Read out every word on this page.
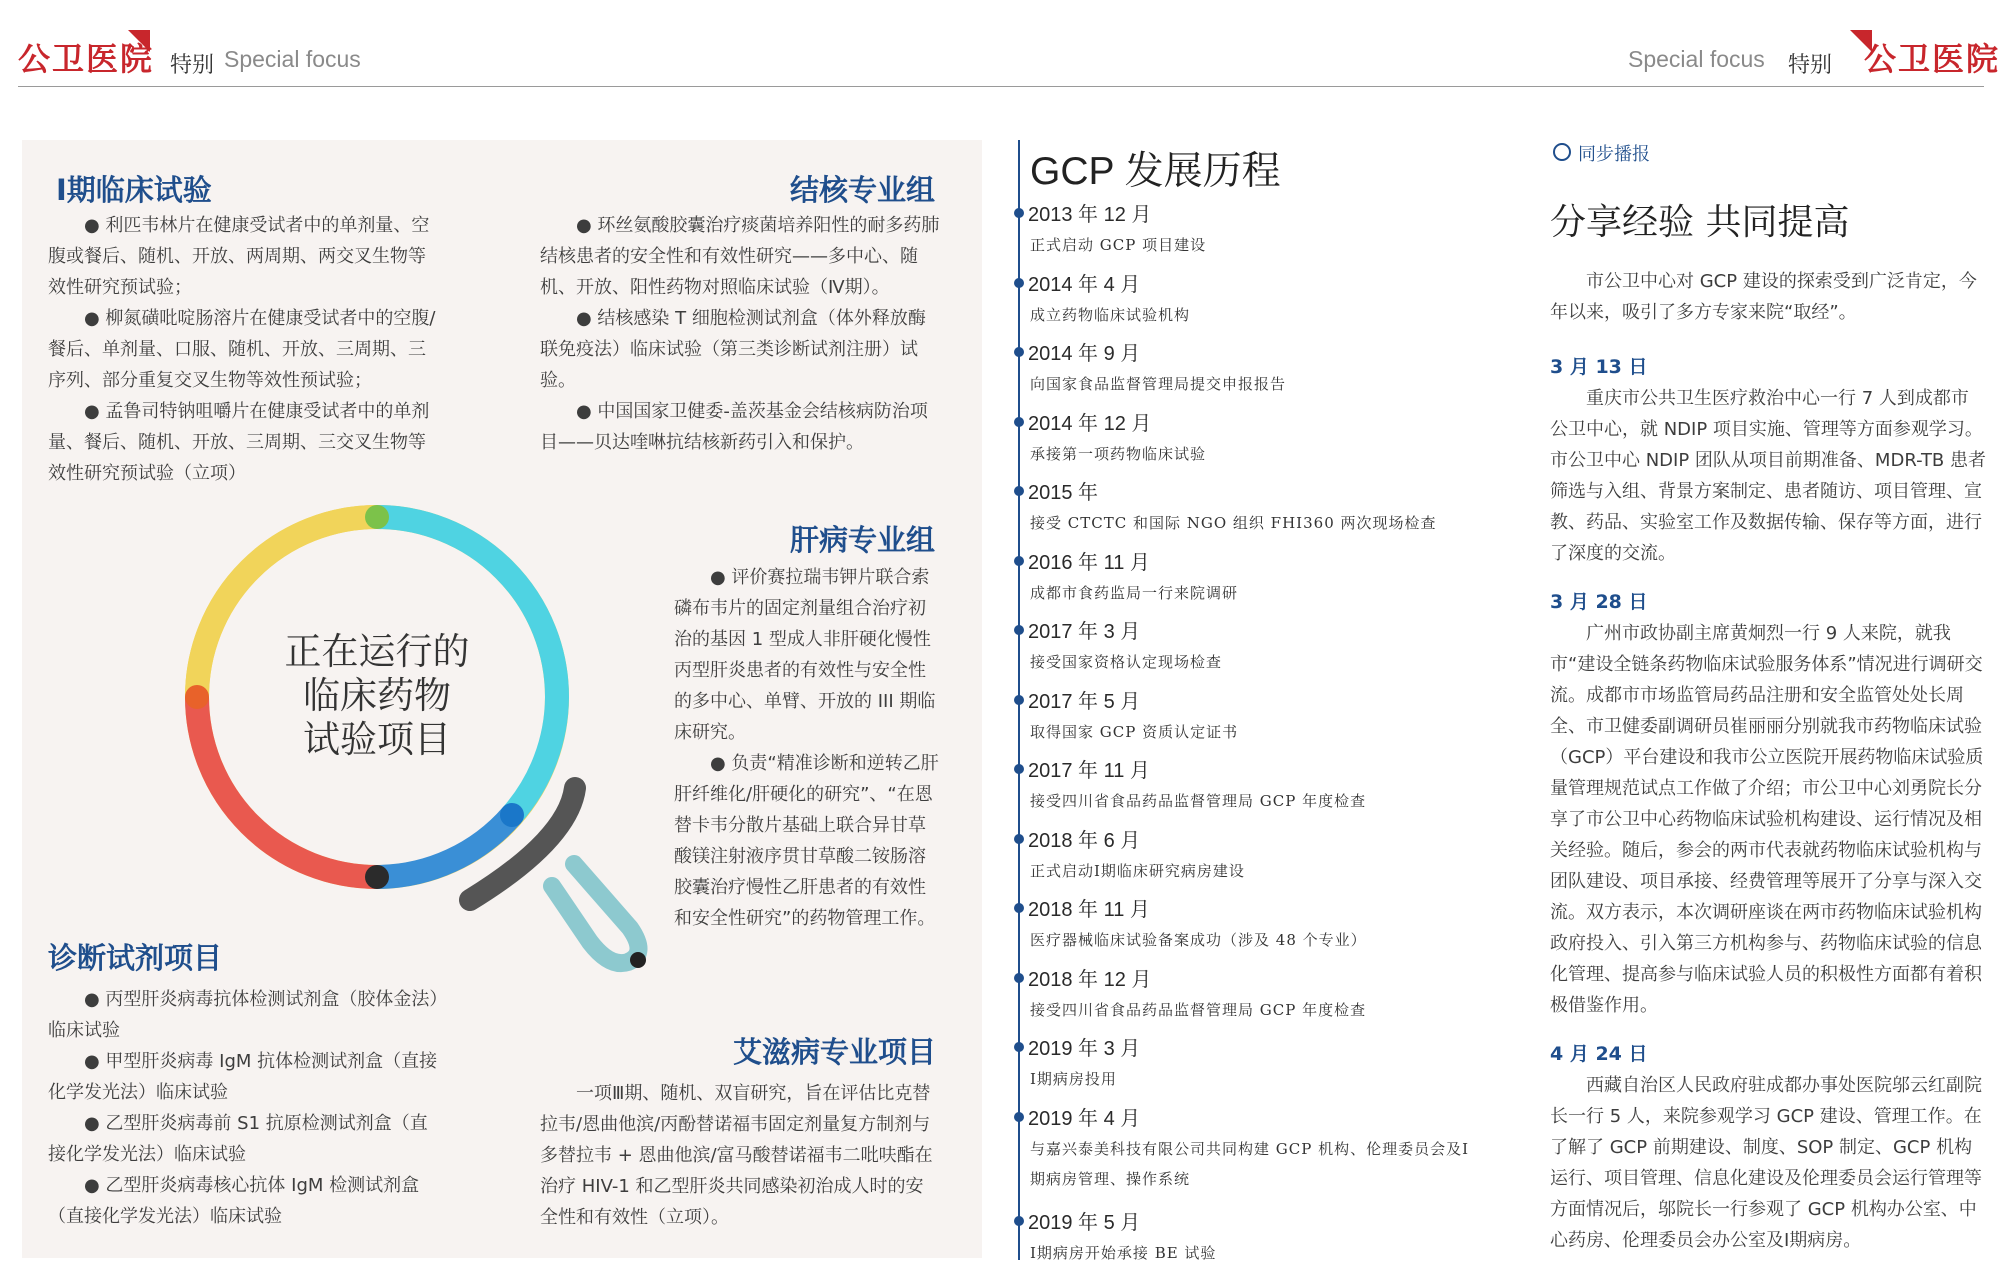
公卫医院 特别 Special focus	Special focus 特别 公卫医院
Ⅰ期临床试验

● 利匹韦林片在健康受试者中的单剂量、空腹或餐后、随机、开放、两周期、两交叉生物等效性研究预试验；

● 柳氮磺吡啶肠溶片在健康受试者中的空腹/餐后、单剂量、口服、随机、开放、三周期、三序列、部分重复交叉生物等效性预试验；

● 孟鲁司特钠咀嚼片在健康受试者中的单剂量、餐后、随机、开放、三周期、三交叉生物等效性研究预试验（立项）

结核专业组

● 环丝氨酸胶囊治疗痰菌培养阳性的耐多药肺结核患者的安全性和有效性研究——多中心、随机、开放、阳性药物对照临床试验（Ⅳ期）。

● 结核感染 T 细胞检测试剂盒（体外释放酶联免疫法）临床试验（第三类诊断试剂注册）试验。

● 中国国家卫健委-盖茨基金会结核病防治项目——贝达喹啉抗结核新药引入和保护。

正在运行的
临床药物
试验项目
肝病专业组

● 评价赛拉瑞韦钾片联合索磷布韦片的固定剂量组合治疗初治的基因 1 型成人非肝硬化慢性丙型肝炎患者的有效性与安全性的多中心、单臂、开放的 III 期临床研究。

● 负责“精准诊断和逆转乙肝肝纤维化/肝硬化的研究”、“在恩替卡韦分散片基础上联合异甘草酸镁注射液序贯甘草酸二铵肠溶胶囊治疗慢性乙肝患者的有效性和安全性研究”的药物管理工作。

诊断试剂项目

● 丙型肝炎病毒抗体检测试剂盒（胶体金法）临床试验

● 甲型肝炎病毒 IgM 抗体检测试剂盒（直接化学发光法）临床试验

● 乙型肝炎病毒前 S1 抗原检测试剂盒（直接化学发光法）临床试验

● 乙型肝炎病毒核心抗体 IgM 检测试剂盒（直接化学发光法）临床试验

艾滋病专业项目

一项Ⅲ期、随机、双盲研究，旨在评估比克替拉韦/恩曲他滨/丙酚替诺福韦固定剂量复方制剂与多替拉韦 + 恩曲他滨/富马酸替诺福韦二吡呋酯在治疗 HIV-1 和乙型肝炎共同感染初治成人时的安全性和有效性（立项）。

GCP 发展历程
2013 年 12 月
正式启动 GCP 项目建设
2014 年 4 月
成立药物临床试验机构
2014 年 9 月
向国家食品监督管理局提交申报报告
2014 年 12 月
承接第一项药物临床试验
2015 年
接受 CTCTC 和国际 NGO 组织 FHI360 两次现场检查
2016 年 11 月
成都市食药监局一行来院调研
2017 年 3 月
接受国家资格认定现场检查
2017 年 5 月
取得国家 GCP 资质认定证书
2017 年 11 月
接受四川省食品药品监督管理局 GCP 年度检查
2018 年 6 月
正式启动Ⅰ期临床研究病房建设
2018 年 11 月
医疗器械临床试验备案成功（涉及 48 个专业）
2018 年 12 月
接受四川省食品药品监督管理局 GCP 年度检查
2019 年 3 月
Ⅰ期病房投用
2019 年 4 月
与嘉兴泰美科技有限公司共同构建 GCP 机构、伦理委员会及Ⅰ期病房管理、操作系统
2019 年 5 月
Ⅰ期病房开始承接 BE 试验
同步播报
分享经验 共同提高

市公卫中心对 GCP 建设的探索受到广泛肯定，今年以来，吸引了多方专家来院“取经”。

3 月 13 日

重庆市公共卫生医疗救治中心一行 7 人到成都市公卫中心，就 NDIP 项目实施、管理等方面参观学习。市公卫中心 NDIP 团队从项目前期准备、MDR-TB 患者筛选与入组、背景方案制定、患者随访、项目管理、宣教、药品、实验室工作及数据传输、保存等方面，进行了深度的交流。

3 月 28 日

广州市政协副主席黄炯烈一行 9 人来院，就我市“建设全链条药物临床试验服务体系”情况进行调研交流。成都市市场监管局药品注册和安全监管处处长周全、市卫健委副调研员崔丽丽分别就我市药物临床试验（GCP）平台建设和我市公立医院开展药物临床试验质量管理规范试点工作做了介绍；市公卫中心刘勇院长分享了市公卫中心药物临床试验机构建设、运行情况及相关经验。随后，参会的两市代表就药物临床试验机构与团队建设、项目承接、经费管理等展开了分享与深入交流。双方表示，本次调研座谈在两市药物临床试验机构政府投入、引入第三方机构参与、药物临床试验的信息化管理、提高参与临床试验人员的积极性方面都有着积极借鉴作用。

4 月 24 日

西藏自治区人民政府驻成都办事处医院邬云红副院长一行 5 人，来院参观学习 GCP 建设、管理工作。在了解了 GCP 前期建设、制度、SOP 制定、GCP 机构运行、项目管理、信息化建设及伦理委员会运行管理等方面情况后，邬院长一行参观了 GCP 机构办公室、中心药房、伦理委员会办公室及Ⅰ期病房。
